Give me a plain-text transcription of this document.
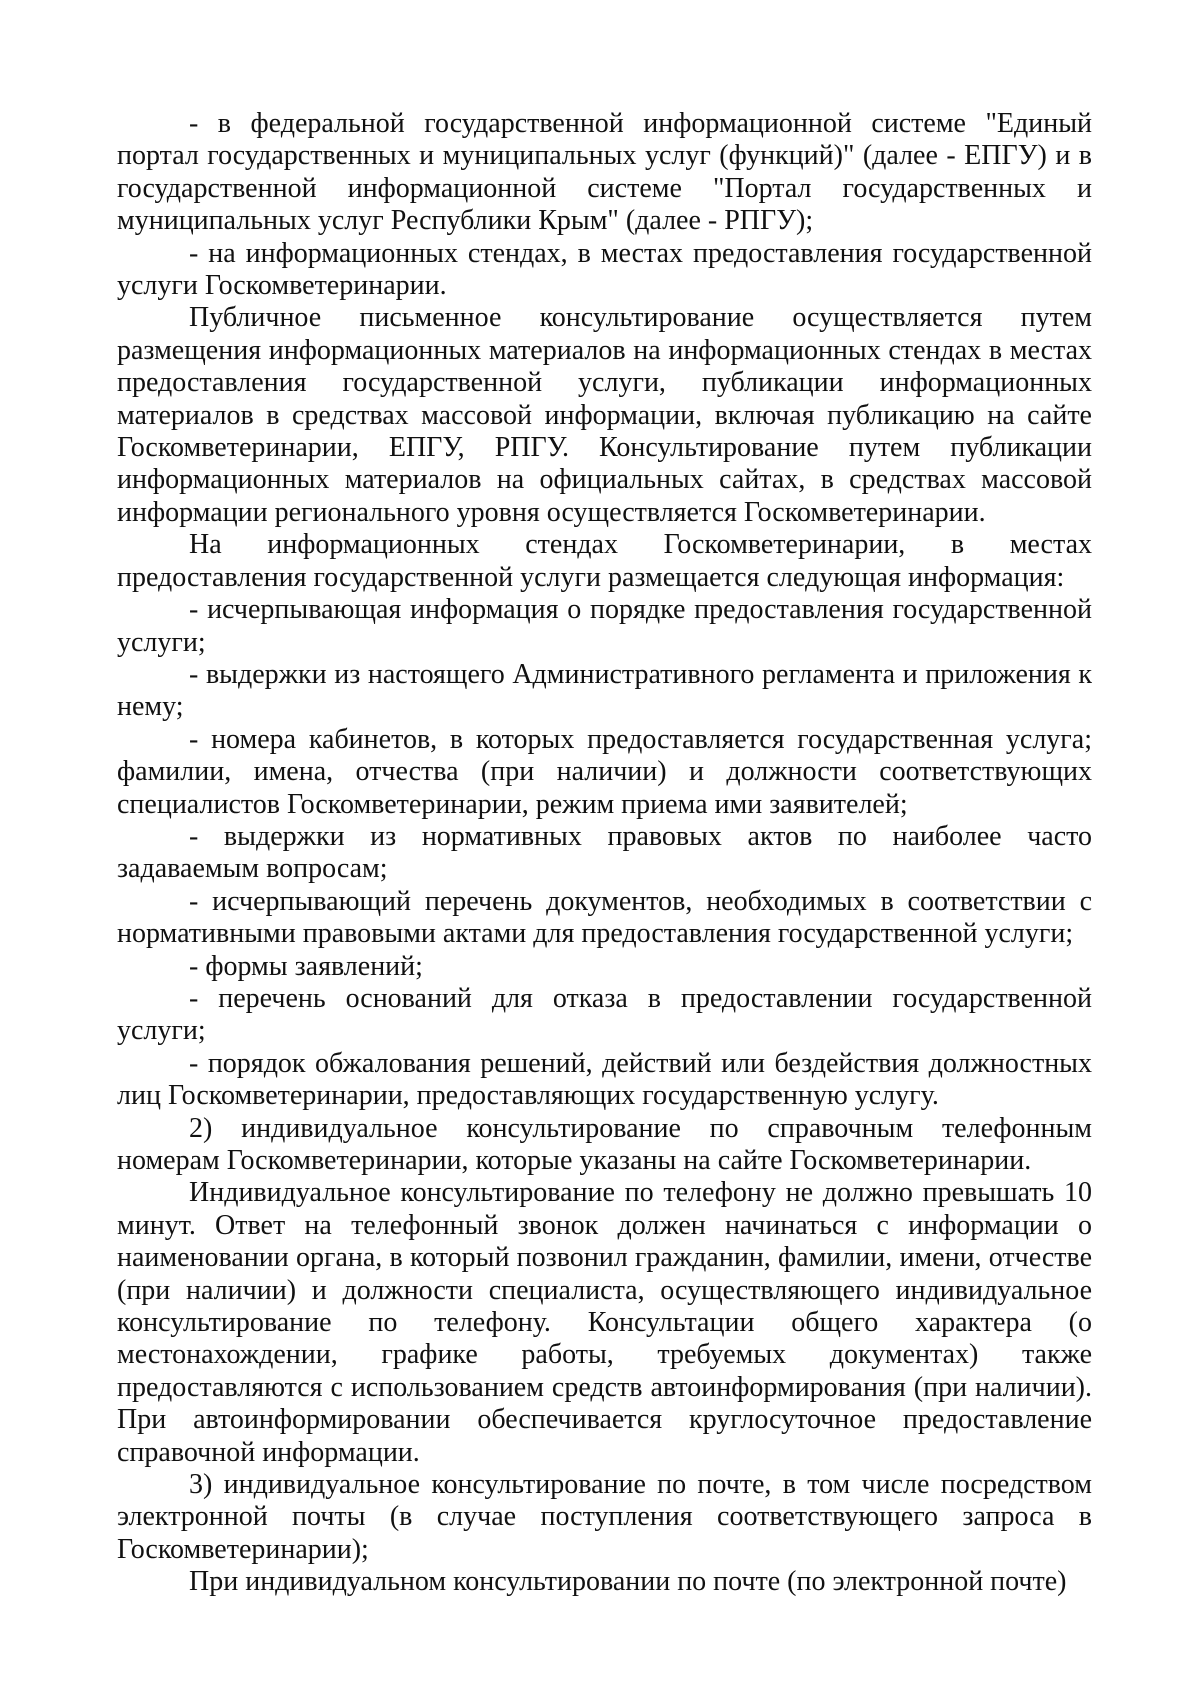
- в федеральной государственной информационной системе "Единый портал государственных и муниципальных услуг (функций)" (далее - ЕПГУ) и в государственной информационной системе "Портал государственных и муниципальных услуг Республики Крым" (далее - РПГУ);

- на информационных стендах, в местах предоставления государственной услуги Госкомветеринарии.

Публичное письменное консультирование осуществляется путем размещения информационных материалов на информационных стендах в местах предоставления государственной услуги, публикации информационных материалов в средствах массовой информации, включая публикацию на сайте Госкомветеринарии, ЕПГУ, РПГУ. Консультирование путем публикации информационных материалов на официальных сайтах, в средствах массовой информации регионального уровня осуществляется Госкомветеринарии.

На информационных стендах Госкомветеринарии, в местах предоставления государственной услуги размещается следующая информация:

- исчерпывающая информация о порядке предоставления государственной услуги;

- выдержки из настоящего Административного регламента и приложения к нему;

- номера кабинетов, в которых предоставляется государственная услуга; фамилии, имена, отчества (при наличии) и должности соответствующих специалистов Госкомветеринарии, режим приема ими заявителей;

- выдержки из нормативных правовых актов по наиболее часто задаваемым вопросам;

- исчерпывающий перечень документов, необходимых в соответствии с нормативными правовыми актами для предоставления государственной услуги;

- формы заявлений;

- перечень оснований для отказа в предоставлении государственной услуги;

- порядок обжалования решений, действий или бездействия должностных лиц Госкомветеринарии, предоставляющих государственную услугу.

2) индивидуальное консультирование по справочным телефонным номерам Госкомветеринарии, которые указаны на сайте Госкомветеринарии.

Индивидуальное консультирование по телефону не должно превышать 10 минут. Ответ на телефонный звонок должен начинаться с информации о наименовании органа, в который позвонил гражданин, фамилии, имени, отчестве (при наличии) и должности специалиста, осуществляющего индивидуальное консультирование по телефону. Консультации общего характера (о местонахождении, графике работы, требуемых документах) также предоставляются с использованием средств автоинформирования (при наличии). При автоинформировании обеспечивается круглосуточное предоставление справочной информации.

3) индивидуальное консультирование по почте, в том числе посредством электронной почты (в случае поступления соответствующего запроса в Госкомветеринарии);

При индивидуальном консультировании по почте (по электронной почте)
